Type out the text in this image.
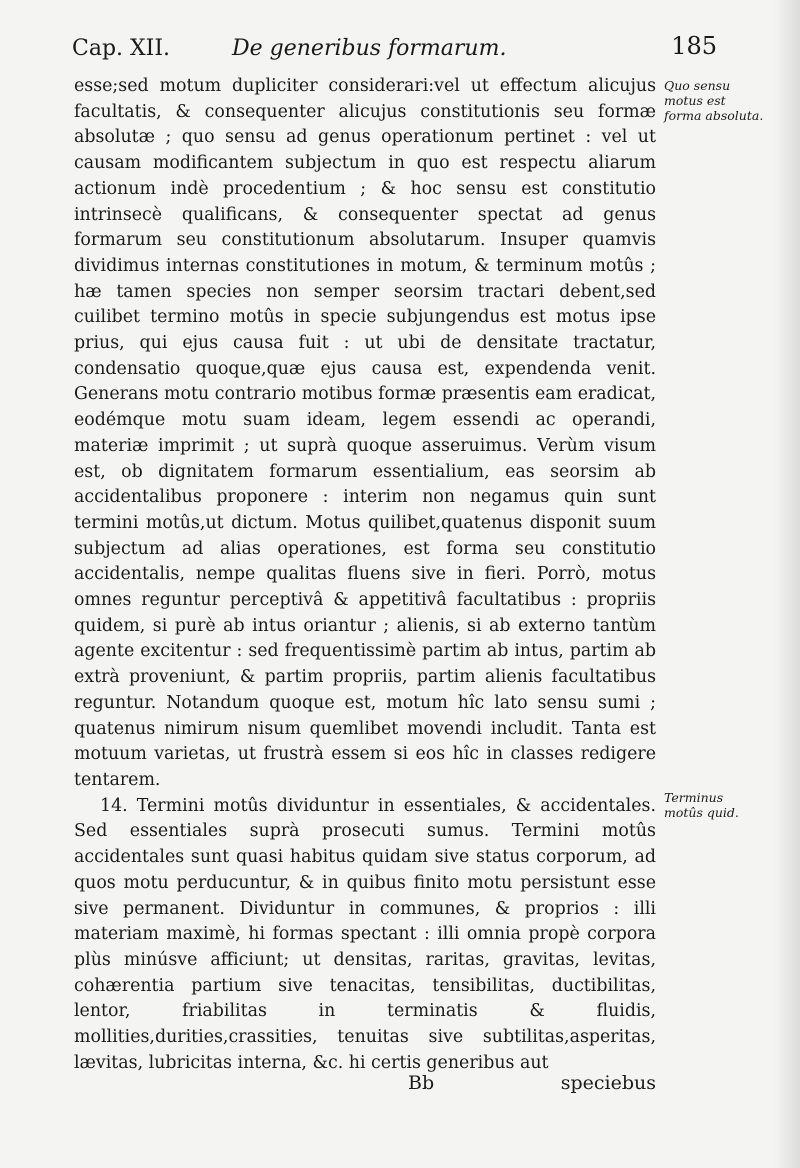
Cap. XII.	De generibus formarum.	185

esse;sed motum dupliciter considerari:vel ut effectum alicujus facultatis, & consequenter alicujus constitutionis seu formæ absolutæ ; quo sensu ad genus operationum pertinet : vel ut causam modificantem subjectum in quo est respectu aliarum actionum indè procedentium ; & hoc sensu est constitutio intrinsecè qualificans, & consequenter spectat ad genus formarum seu constitutionum absolutarum. Insuper quamvis dividimus internas constitutiones in motum, & terminum motûs ; hæ tamen species non semper seorsim tractari debent,sed cuilibet termino motûs in specie subjungendus est motus ipse prius, qui ejus causa fuit : ut ubi de densitate tractatur, condensatio quoque,quæ ejus causa est, expendenda venit. Generans motu contrario motibus formæ præsentis eam eradicat, eodémque motu suam ideam, legem essendi ac operandi, materiæ imprimit ; ut suprà quoque asseruimus. Verùm visum est, ob dignitatem formarum essentialium, eas seorsim ab accidentalibus proponere : interim non negamus quin sunt termini motûs,ut dictum. Motus quilibet,quatenus disponit suum subjectum ad alias operationes, est forma seu constitutio accidentalis, nempe qualitas fluens sive in fieri. Porrò, motus omnes reguntur perceptivâ & appetitivâ facultatibus : propriis quidem, si purè ab intus oriantur ; alienis, si ab externo tantùm agente excitentur : sed frequentissimè partim ab intus, partim ab extrà proveniunt, & partim propriis, partim alienis facultatibus reguntur. Notandum quoque est, motum hîc lato sensu sumi ; quatenus nimirum nisum quemlibet movendi includit. Tanta est motuum varietas, ut frustrà essem si eos hîc in classes redigere tentarem.

14. Termini motûs dividuntur in essentiales, & accidentales. Sed essentiales suprà prosecuti sumus. Termini motûs accidentales sunt quasi habitus quidam sive status corporum, ad quos motu perducuntur, & in quibus finito motu persistunt esse sive permanent. Dividuntur in communes, & proprios : illi materiam maximè, hi formas spectant : illi omnia propè corpora plùs minúsve afficiunt; ut densitas, raritas, gravitas, levitas, cohærentia partium sive tenacitas, tensibilitas, ductibilitas, lentor, friabilitas in terminatis & fluidis, mollities,durities,crassities, tenuitas sive subtilitas,asperitas, lævitas, lubricitas interna, &c. hi certis generibus aut

Quo sensu motus est forma absoluta.
Terminus motûs quid.
Bb	speciebus
